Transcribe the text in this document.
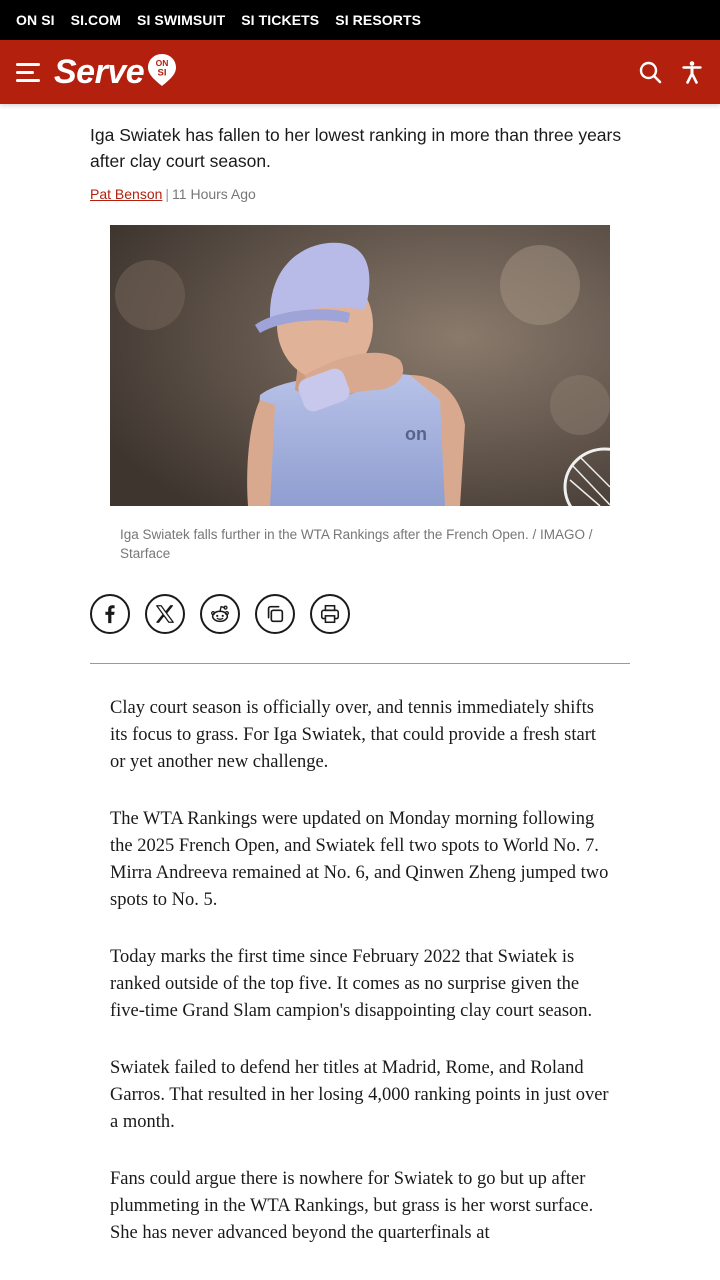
ON SI SI.COM SI SWIMSUIT SI TICKETS SI RESORTS
Serve ON
SI

Iga Swiatek has fallen to her lowest ranking in more than three years after clay court season.

Pat Benson | 11 Hours Ago
on

Iga Swiatek falls further in the WTA Rankings after the French Open. / IMAGO / Starface

Clay court season is officially over, and tennis immediately shifts its focus to grass. For Iga Swiatek, that could provide a fresh start or yet another new challenge.

The WTA Rankings were updated on Monday morning following the 2025 French Open, and Swiatek fell two spots to World No. 7. Mirra Andreeva remained at No. 6, and Qinwen Zheng jumped two spots to No. 5.

Today marks the first time since February 2022 that Swiatek is ranked outside of the top five. It comes as no surprise given the five-time Grand Slam campion's disappointing clay court season.

Swiatek failed to defend her titles at Madrid, Rome, and Roland Garros. That resulted in her losing 4,000 ranking points in just over a month.

Fans could argue there is nowhere for Swiatek to go but up after plummeting in the WTA Rankings, but grass is her worst surface. She has never advanced beyond the quarterfinals at
